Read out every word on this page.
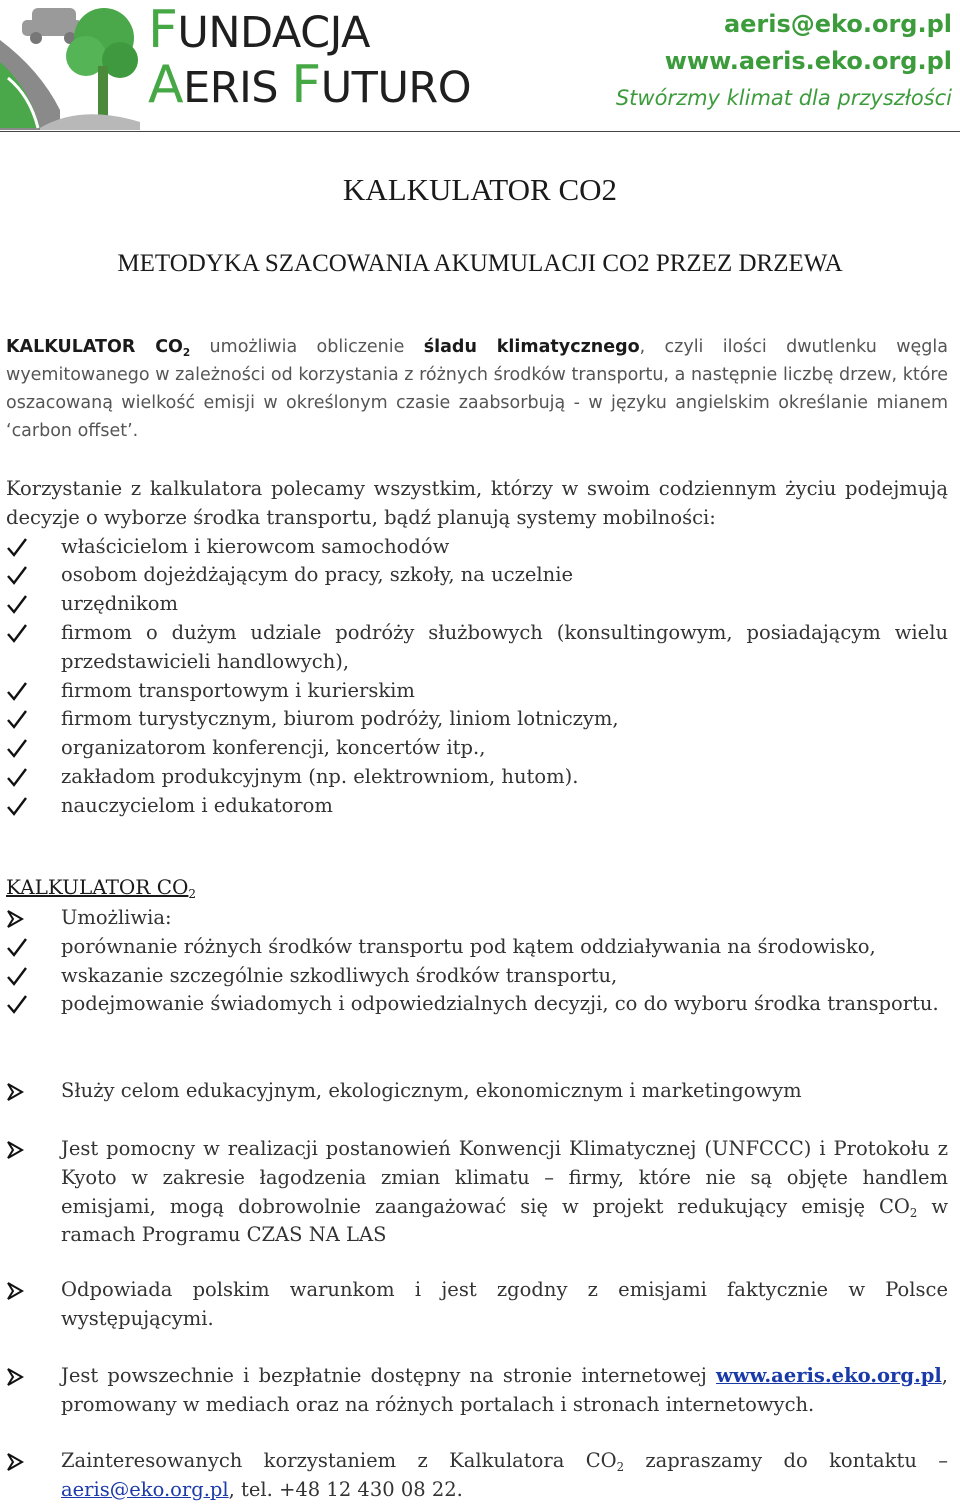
FUNDACJA
AERIS FUTURO
aeris@eko.org.pl
www.aeris.eko.org.pl
Stwórzmy klimat dla przyszłości
KALKULATOR CO2
METODYKA SZACOWANIA AKUMULACJI CO2 PRZEZ DRZEWA
KALKULATOR $CO_2$ umożliwia obliczenie śladu klimatycznego, czyli ilości dwutlenku węgla wyemitowanego w zależności od korzystania z różnych środków transportu, a następnie liczbę drzew, które oszacowaną wielkość emisji w określonym czasie zaabsorbują - w języku angielskim określanie mianem ‘carbon offset’.
Korzystanie z kalkulatora polecamy wszystkim, którzy w swoim codziennym życiu podejmują decyzje o wyborze środka transportu, bądź planują systemy mobilności:
właścicielom i kierowcom samochodów
osobom dojeżdżającym do pracy, szkoły, na uczelnie
urzędnikom
firmom o dużym udziale podróży służbowych (konsultingowym, posiadającym wielu przedstawicieli handlowych),
firmom transportowym i kurierskim
firmom turystycznym, biurom podróży, liniom lotniczym,
organizatorom konferencji, koncertów itp.,
zakładom produkcyjnym (np. elektrowniom, hutom).
nauczycielom i edukatorom
KALKULATOR $CO_2$
Umożliwia:
porównanie różnych środków transportu pod kątem oddziaływania na środowisko,
wskazanie szczególnie szkodliwych środków transportu,
podejmowanie świadomych i odpowiedzialnych decyzji, co do wyboru środka transportu.
Służy celom edukacyjnym, ekologicznym, ekonomicznym i marketingowym
Jest pomocny w realizacji postanowień Konwencji Klimatycznej (UNFCCC) i Protokołu z Kyoto w zakresie łagodzenia zmian klimatu – firmy, które nie są objęte handlem emisjami, mogą dobrowolnie zaangażować się w projekt redukujący emisję $CO_2$ w ramach Programu CZAS NA LAS
Odpowiada polskim warunkom i jest zgodny z emisjami faktycznie w Polsce występującymi.
Jest powszechnie i bezpłatnie dostępny na stronie internetowej www.aeris.eko.org.pl, promowany w mediach oraz na różnych portalach i stronach internetowych.
Zainteresowanych korzystaniem z Kalkulatora $CO_2$ zapraszamy do kontaktu – aeris@eko.org.pl, tel. +48 12 430 08 22.
